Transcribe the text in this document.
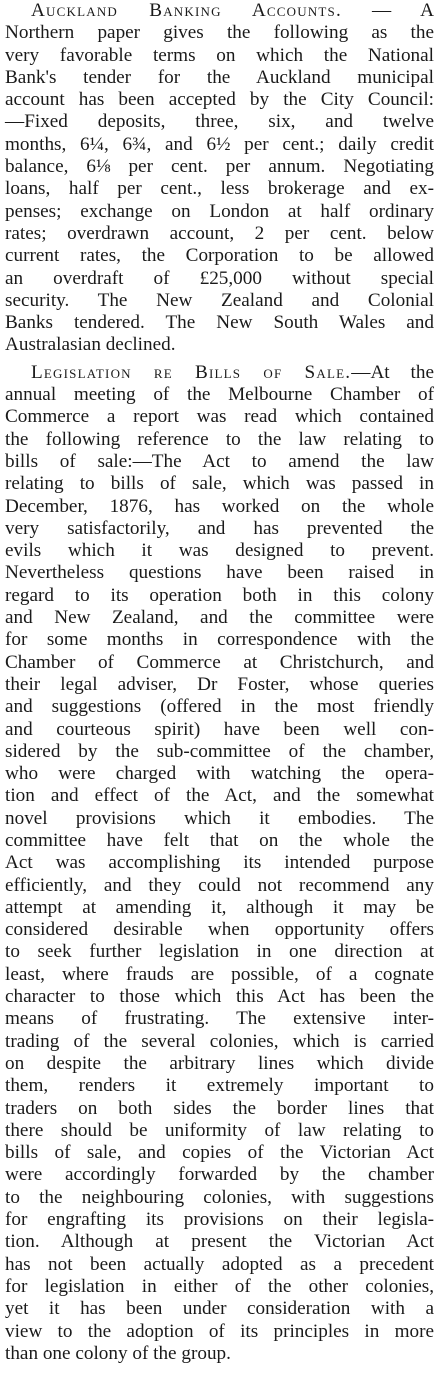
Auckland Banking Accounts. — A
Northern paper gives the following as the
very favorable terms on which the National
Bank's tender for the Auckland municipal
account has been accepted by the City Council:
—Fixed deposits, three, six, and twelve
months, 6¼, 6¾, and 6½ per cent.; daily credit
balance, 6⅛ per cent. per annum. Negotiating
loans, half per cent., less brokerage and ex-
penses; exchange on London at half ordinary
rates; overdrawn account, 2 per cent. below
current rates, the Corporation to be allowed
an overdraft of £25,000 without special
security. The New Zealand and Colonial
Banks tendered. The New South Wales and
Australasian declined.
Legislation re Bills of Sale.—At the
annual meeting of the Melbourne Chamber of
Commerce a report was read which contained
the following reference to the law relating to
bills of sale:—The Act to amend the law
relating to bills of sale, which was passed in
December, 1876, has worked on the whole
very satisfactorily, and has prevented the
evils which it was designed to prevent.
Nevertheless questions have been raised in
regard to its operation both in this colony
and New Zealand, and the committee were
for some months in correspondence with the
Chamber of Commerce at Christchurch, and
their legal adviser, Dr Foster, whose queries
and suggestions (offered in the most friendly
and courteous spirit) have been well con-
sidered by the sub-committee of the chamber,
who were charged with watching the opera-
tion and effect of the Act, and the somewhat
novel provisions which it embodies. The
committee have felt that on the whole the
Act was accomplishing its intended purpose
efficiently, and they could not recommend any
attempt at amending it, although it may be
considered desirable when opportunity offers
to seek further legislation in one direction at
least, where frauds are possible, of a cognate
character to those which this Act has been the
means of frustrating. The extensive inter-
trading of the several colonies, which is carried
on despite the arbitrary lines which divide
them, renders it extremely important to
traders on both sides the border lines that
there should be uniformity of law relating to
bills of sale, and copies of the Victorian Act
were accordingly forwarded by the chamber
to the neighbouring colonies, with suggestions
for engrafting its provisions on their legisla-
tion. Although at present the Victorian Act
has not been actually adopted as a precedent
for legislation in either of the other colonies,
yet it has been under consideration with a
view to the adoption of its principles in more
than one colony of the group.
